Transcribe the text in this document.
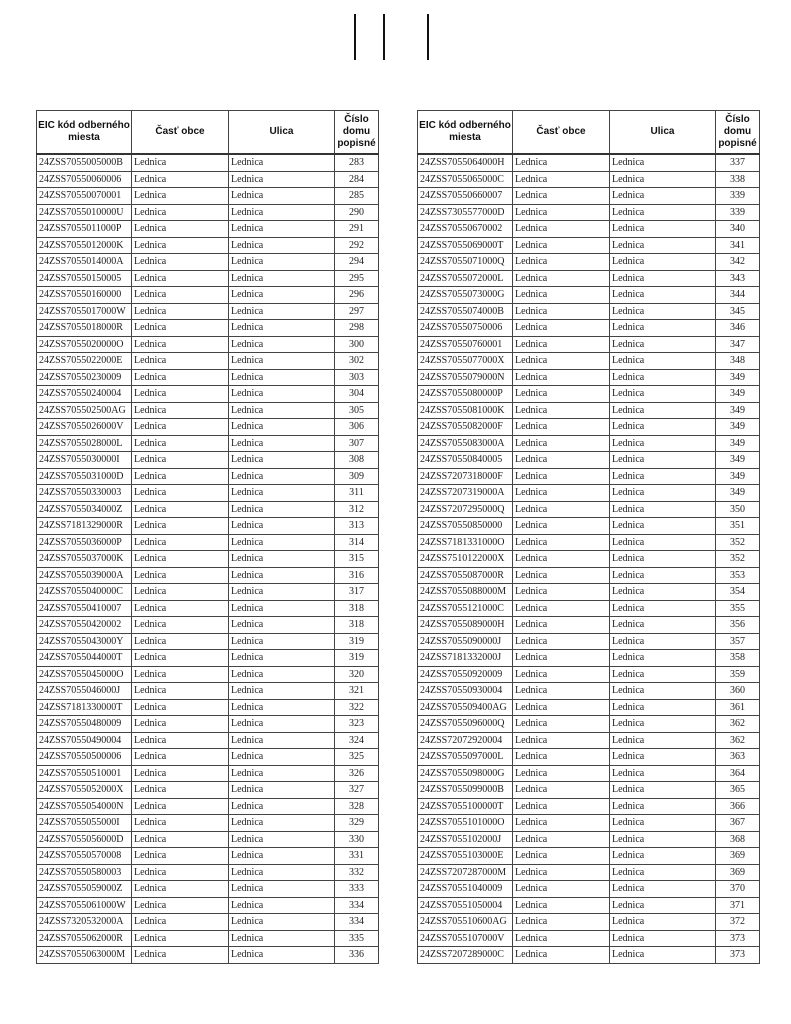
EIC kód odberného miesta	Časť obce	Ulica	Číslo domu popisné
24ZSS7055005000B	Lednica	Lednica	283
24ZSS70550060006	Lednica	Lednica	284
24ZSS70550070001	Lednica	Lednica	285
24ZSS7055010000U	Lednica	Lednica	290
24ZSS7055011000P	Lednica	Lednica	291
24ZSS7055012000K	Lednica	Lednica	292
24ZSS7055014000A	Lednica	Lednica	294
24ZSS70550150005	Lednica	Lednica	295
24ZSS70550160000	Lednica	Lednica	296
24ZSS7055017000W	Lednica	Lednica	297
24ZSS7055018000R	Lednica	Lednica	298
24ZSS7055020000O	Lednica	Lednica	300
24ZSS7055022000E	Lednica	Lednica	302
24ZSS70550230009	Lednica	Lednica	303
24ZSS70550240004	Lednica	Lednica	304
24ZSS705502500AG	Lednica	Lednica	305
24ZSS7055026000V	Lednica	Lednica	306
24ZSS7055028000L	Lednica	Lednica	307
24ZSS7055030000I	Lednica	Lednica	308
24ZSS7055031000D	Lednica	Lednica	309
24ZSS70550330003	Lednica	Lednica	311
24ZSS7055034000Z	Lednica	Lednica	312
24ZSS7181329000R	Lednica	Lednica	313
24ZSS7055036000P	Lednica	Lednica	314
24ZSS7055037000K	Lednica	Lednica	315
24ZSS7055039000A	Lednica	Lednica	316
24ZSS7055040000C	Lednica	Lednica	317
24ZSS70550410007	Lednica	Lednica	318
24ZSS70550420002	Lednica	Lednica	318
24ZSS7055043000Y	Lednica	Lednica	319
24ZSS7055044000T	Lednica	Lednica	319
24ZSS7055045000O	Lednica	Lednica	320
24ZSS7055046000J	Lednica	Lednica	321
24ZSS7181330000T	Lednica	Lednica	322
24ZSS70550480009	Lednica	Lednica	323
24ZSS70550490004	Lednica	Lednica	324
24ZSS70550500006	Lednica	Lednica	325
24ZSS70550510001	Lednica	Lednica	326
24ZSS7055052000X	Lednica	Lednica	327
24ZSS7055054000N	Lednica	Lednica	328
24ZSS7055055000I	Lednica	Lednica	329
24ZSS7055056000D	Lednica	Lednica	330
24ZSS70550570008	Lednica	Lednica	331
24ZSS70550580003	Lednica	Lednica	332
24ZSS7055059000Z	Lednica	Lednica	333
24ZSS7055061000W	Lednica	Lednica	334
24ZSS7320532000A	Lednica	Lednica	334
24ZSS7055062000R	Lednica	Lednica	335
24ZSS7055063000M	Lednica	Lednica	336
EIC kód odberného miesta	Časť obce	Ulica	Číslo domu popisné
24ZSS7055064000H	Lednica	Lednica	337
24ZSS7055065000C	Lednica	Lednica	338
24ZSS70550660007	Lednica	Lednica	339
24ZSS7305577000D	Lednica	Lednica	339
24ZSS70550670002	Lednica	Lednica	340
24ZSS7055069000T	Lednica	Lednica	341
24ZSS7055071000Q	Lednica	Lednica	342
24ZSS7055072000L	Lednica	Lednica	343
24ZSS7055073000G	Lednica	Lednica	344
24ZSS7055074000B	Lednica	Lednica	345
24ZSS70550750006	Lednica	Lednica	346
24ZSS70550760001	Lednica	Lednica	347
24ZSS7055077000X	Lednica	Lednica	348
24ZSS7055079000N	Lednica	Lednica	349
24ZSS7055080000P	Lednica	Lednica	349
24ZSS7055081000K	Lednica	Lednica	349
24ZSS7055082000F	Lednica	Lednica	349
24ZSS7055083000A	Lednica	Lednica	349
24ZSS70550840005	Lednica	Lednica	349
24ZSS7207318000F	Lednica	Lednica	349
24ZSS7207319000A	Lednica	Lednica	349
24ZSS7207295000Q	Lednica	Lednica	350
24ZSS70550850000	Lednica	Lednica	351
24ZSS7181331000O	Lednica	Lednica	352
24ZSS7510122000X	Lednica	Lednica	352
24ZSS7055087000R	Lednica	Lednica	353
24ZSS7055088000M	Lednica	Lednica	354
24ZSS7055121000C	Lednica	Lednica	355
24ZSS7055089000H	Lednica	Lednica	356
24ZSS7055090000J	Lednica	Lednica	357
24ZSS7181332000J	Lednica	Lednica	358
24ZSS70550920009	Lednica	Lednica	359
24ZSS70550930004	Lednica	Lednica	360
24ZSS705509400AG	Lednica	Lednica	361
24ZSS7055096000Q	Lednica	Lednica	362
24ZSS72072920004	Lednica	Lednica	362
24ZSS7055097000L	Lednica	Lednica	363
24ZSS7055098000G	Lednica	Lednica	364
24ZSS7055099000B	Lednica	Lednica	365
24ZSS7055100000T	Lednica	Lednica	366
24ZSS7055101000O	Lednica	Lednica	367
24ZSS7055102000J	Lednica	Lednica	368
24ZSS7055103000E	Lednica	Lednica	369
24ZSS7207287000M	Lednica	Lednica	369
24ZSS70551040009	Lednica	Lednica	370
24ZSS70551050004	Lednica	Lednica	371
24ZSS705510600AG	Lednica	Lednica	372
24ZSS7055107000V	Lednica	Lednica	373
24ZSS7207289000C	Lednica	Lednica	373
